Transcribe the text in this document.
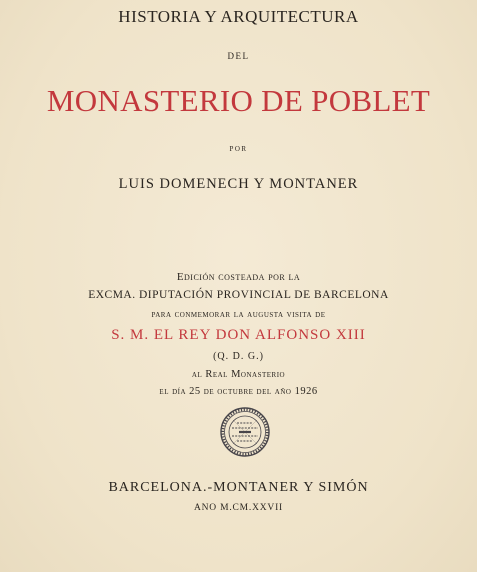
HISTORIA Y ARQUITECTURA
DEL
MONASTERIO DE POBLET
POR
LUIS DOMENECH Y MONTANER
Edición costeada por la
EXCMA. DIPUTACIÓN PROVINCIAL DE BARCELONA
para conmemorar la augusta visita de
S. M. EL REY DON ALFONSO XIII
(Q. D. G.)
al Real Monasterio
el día 25 de octubre del año 1926
BARCELONA.-MONTANER Y SIMÓN
ANO M.CM.XXVII
